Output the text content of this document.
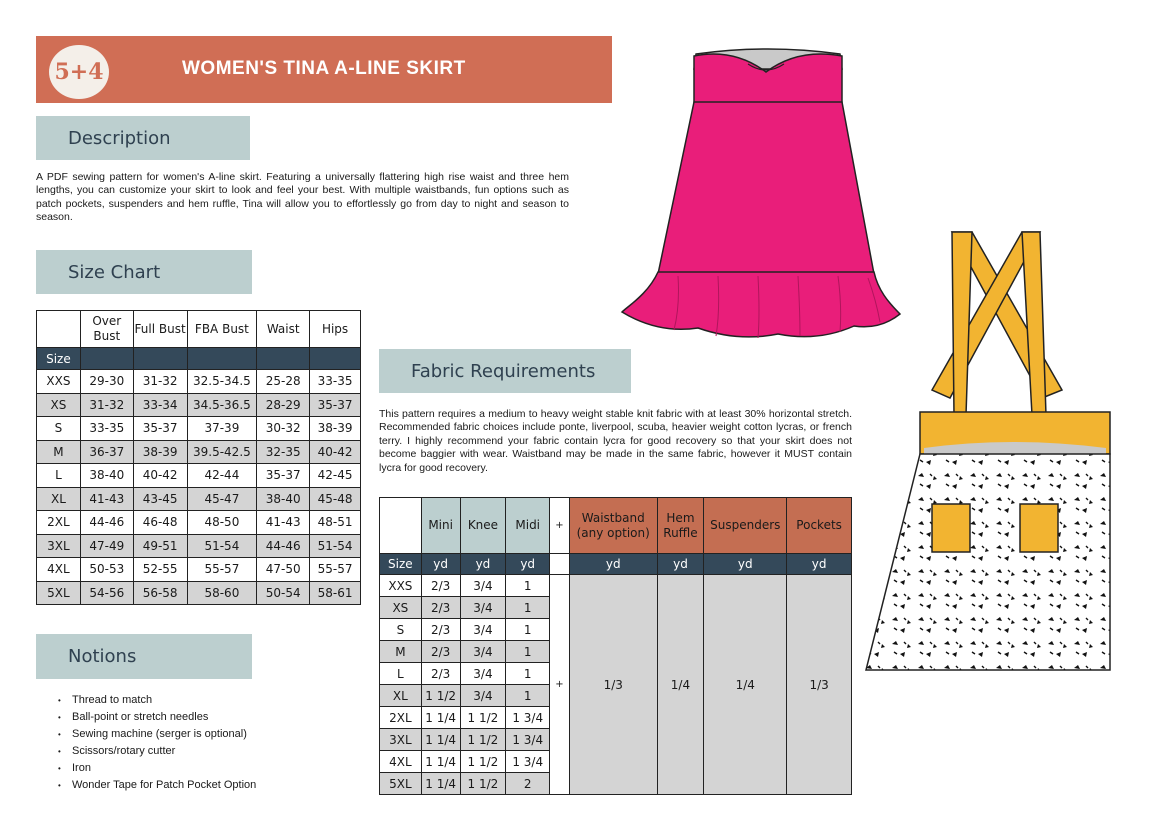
5+4	WOMEN'S TINA A-LINE SKIRT
Description

A PDF sewing pattern for women's A-line skirt. Featuring a universally flattering high rise waist and three hem lengths, you can customize your skirt to look and feel your best. With multiple waistbands, fun options such as patch pockets, suspenders and hem ruffle, Tina will allow you to effortlessly go from day to night and season to season.

Size Chart
	Over Bust	Full Bust	FBA Bust	Waist	Hips
Size					
XXS	29-30	31-32	32.5-34.5	25-28	33-35
XS	31-32	33-34	34.5-36.5	28-29	35-37
S	33-35	35-37	37-39	30-32	38-39
M	36-37	38-39	39.5-42.5	32-35	40-42
L	38-40	40-42	42-44	35-37	42-45
XL	41-43	43-45	45-47	38-40	45-48
2XL	44-46	46-48	48-50	41-43	48-51
3XL	47-49	49-51	51-54	44-46	51-54
4XL	50-53	52-55	55-57	47-50	55-57
5XL	54-56	56-58	58-60	50-54	58-61
Notions
• Thread to match
• Ball-point or stretch needles
• Sewing machine (serger is optional)
• Scissors/rotary cutter
• Iron
• Wonder Tape for Patch Pocket Option
Fabric Requirements

This pattern requires a medium to heavy weight stable knit fabric with at least 30% horizontal stretch. Recommended fabric choices include ponte, liverpool, scuba, heavier weight cotton lycras, or french terry. I highly recommend your fabric contain lycra for good recovery so that your skirt does not become baggier with wear. Waistband may be made in the same fabric, however it MUST contain lycra for good recovery.

	Mini	Knee	Midi	+	Waistband (any option)	Hem Ruffle	Suspenders	Pockets
Size	yd	yd	yd		yd	yd	yd	yd
XXS	2/3	3/4	1	+	1/3	1/4	1/4	1/3
XS	2/3	3/4	1					
S	2/3	3/4	1					
M	2/3	3/4	1					
L	2/3	3/4	1					
XL	1 1/2	3/4	1					
2XL	1 1/4	1 1/2	1 3/4					
3XL	1 1/4	1 1/2	1 3/4					
4XL	1 1/4	1 1/2	1 3/4					
5XL	1 1/4	1 1/2	2					
